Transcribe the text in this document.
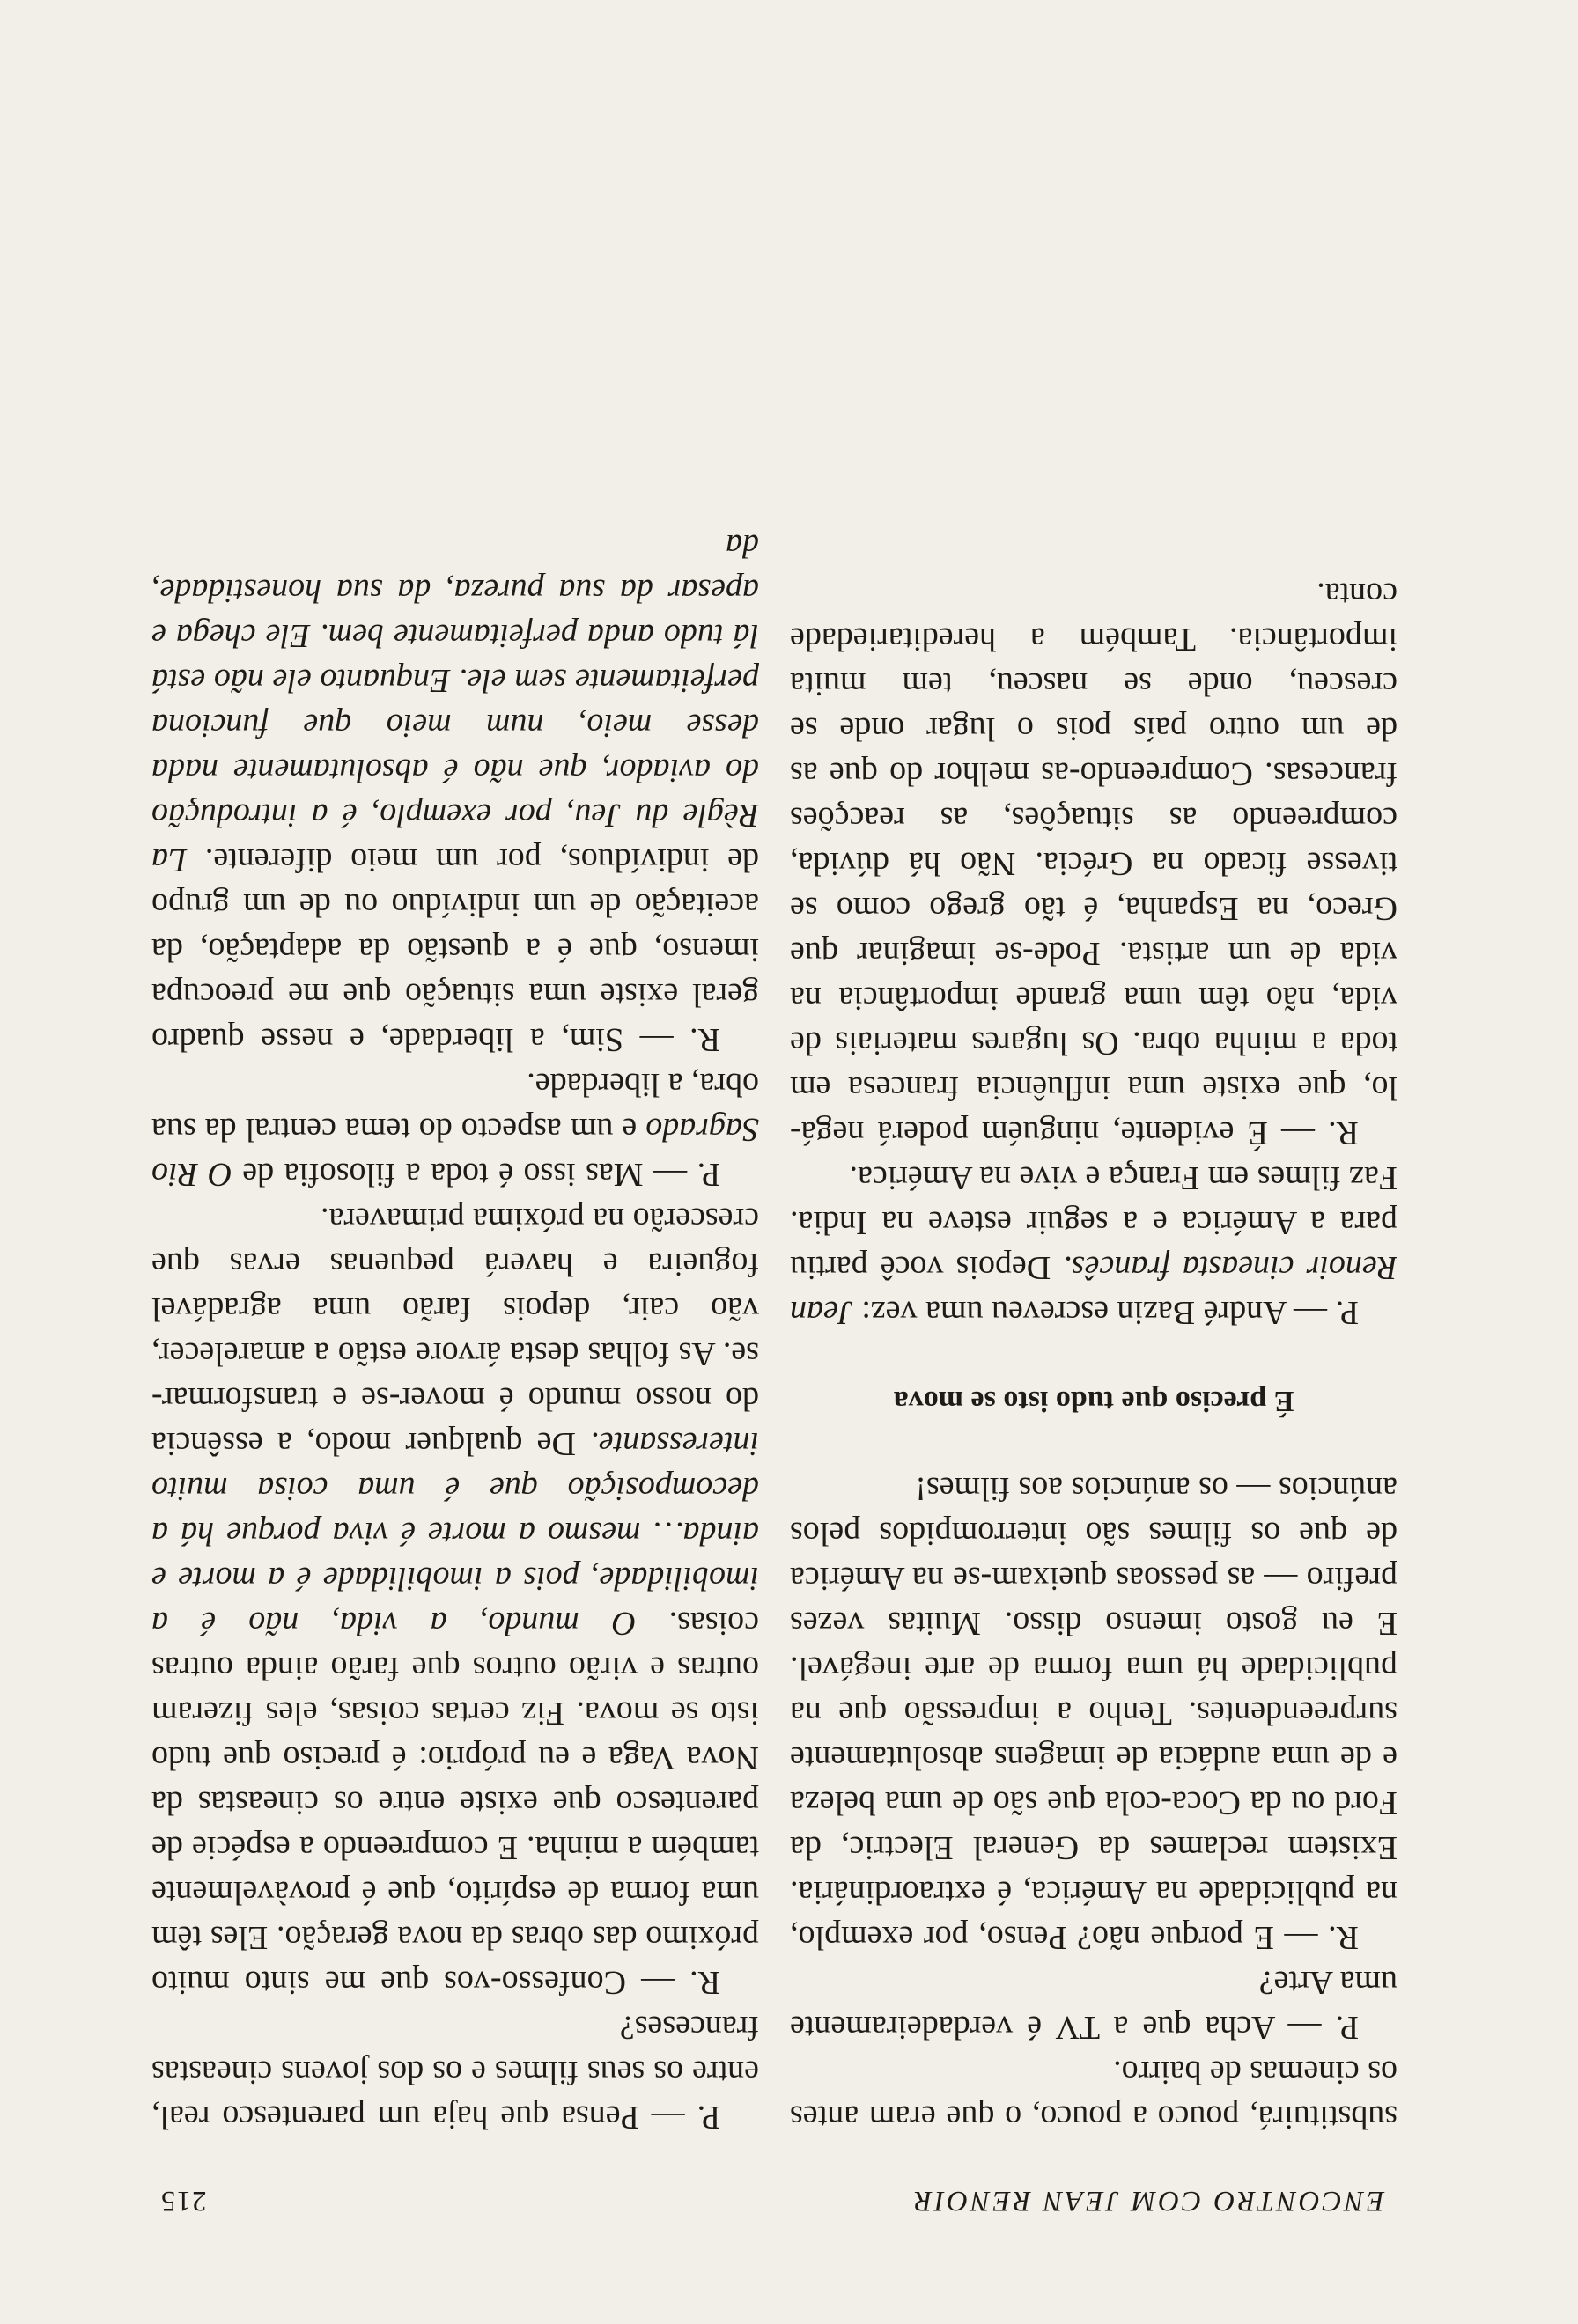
ENCONTRO COM JEAN RENOIR
215

substituirá, pouco a pouco, o que eram antes os cinemas de bairro.

P. — Acha que a TV é verdadeiramente uma Arte?

R. — E porque não? Penso, por exemplo, na publicidade na América, é extraordinária. Existem reclames da General Electric, da Ford ou da Coca-cola que são de uma beleza e de uma audácia de imagens absolutamente surpreendentes. Tenho a impressão que na publicidade há uma forma de arte inegável. E eu gosto imenso disso. Muitas vezes prefiro — as pessoas queixam-se na América de que os filmes são interrompidos pelos anúncios — os anúncios aos filmes!

É preciso que tudo isto se mova

P. — André Bazin escreveu uma vez: Jean Renoir cineasta francês. Depois você partiu para a América e a seguir esteve na India. Faz filmes em França e vive na América.

R. — É evidente, ninguém poderá negá-lo, que existe uma influência francesa em toda a minha obra. Os lugares materiais de vida, não têm uma grande importância na vida de um artista. Pode-se imaginar que Greco, na Espanha, é tão grego como se tivesse ficado na Grécia. Não há dúvida, compreendo as situações, as reacções francesas. Compreendo-as melhor do que as de um outro país pois o lugar onde se cresceu, onde se nasceu, tem muita importância. Também a hereditariedade conta.

P. — Pensa que haja um parentesco real, entre os seus filmes e os dos jovens cineastas franceses?

R. — Confesso-vos que me sinto muito próximo das obras da nova geração. Eles têm uma forma de espírito, que é provàvelmente também a minha. E compreendo a espécie de parentesco que existe entre os cineastas da Nova Vaga e eu próprio: é preciso que tudo isto se mova. Fiz certas coisas, eles fizeram outras e virão outros que farão ainda outras coisas. O mundo, a vida, não é a imobilidade, pois a imobilidade é a morte e ainda… mesmo a morte é viva porque há a decomposição que é uma coisa muito interessante. De qualquer modo, a essência do nosso mundo é mover-se e transformar-se. As folhas desta árvore estão a amarelecer, vão cair, depois farão uma agradável fogueira e haverá pequenas ervas que crescerão na próxima primavera.

P. — Mas isso é toda a filosofia de O Rio Sagrado e um aspecto do tema central da sua obra, a liberdade.

R. — Sim, a liberdade, e nesse quadro geral existe uma situação que me preocupa imenso, que é a questão da adaptação, da aceitação de um indivíduo ou de um grupo de indivíduos, por um meio diferente. La Règle du Jeu, por exemplo, é a introdução do aviador, que não é absolutamente nada desse meio, num meio que funciona perfeitamente sem ele. Enquanto ele não está lá tudo anda perfeitamente bem. Ele chega e apesar da sua pureza, da sua honestidade, da
